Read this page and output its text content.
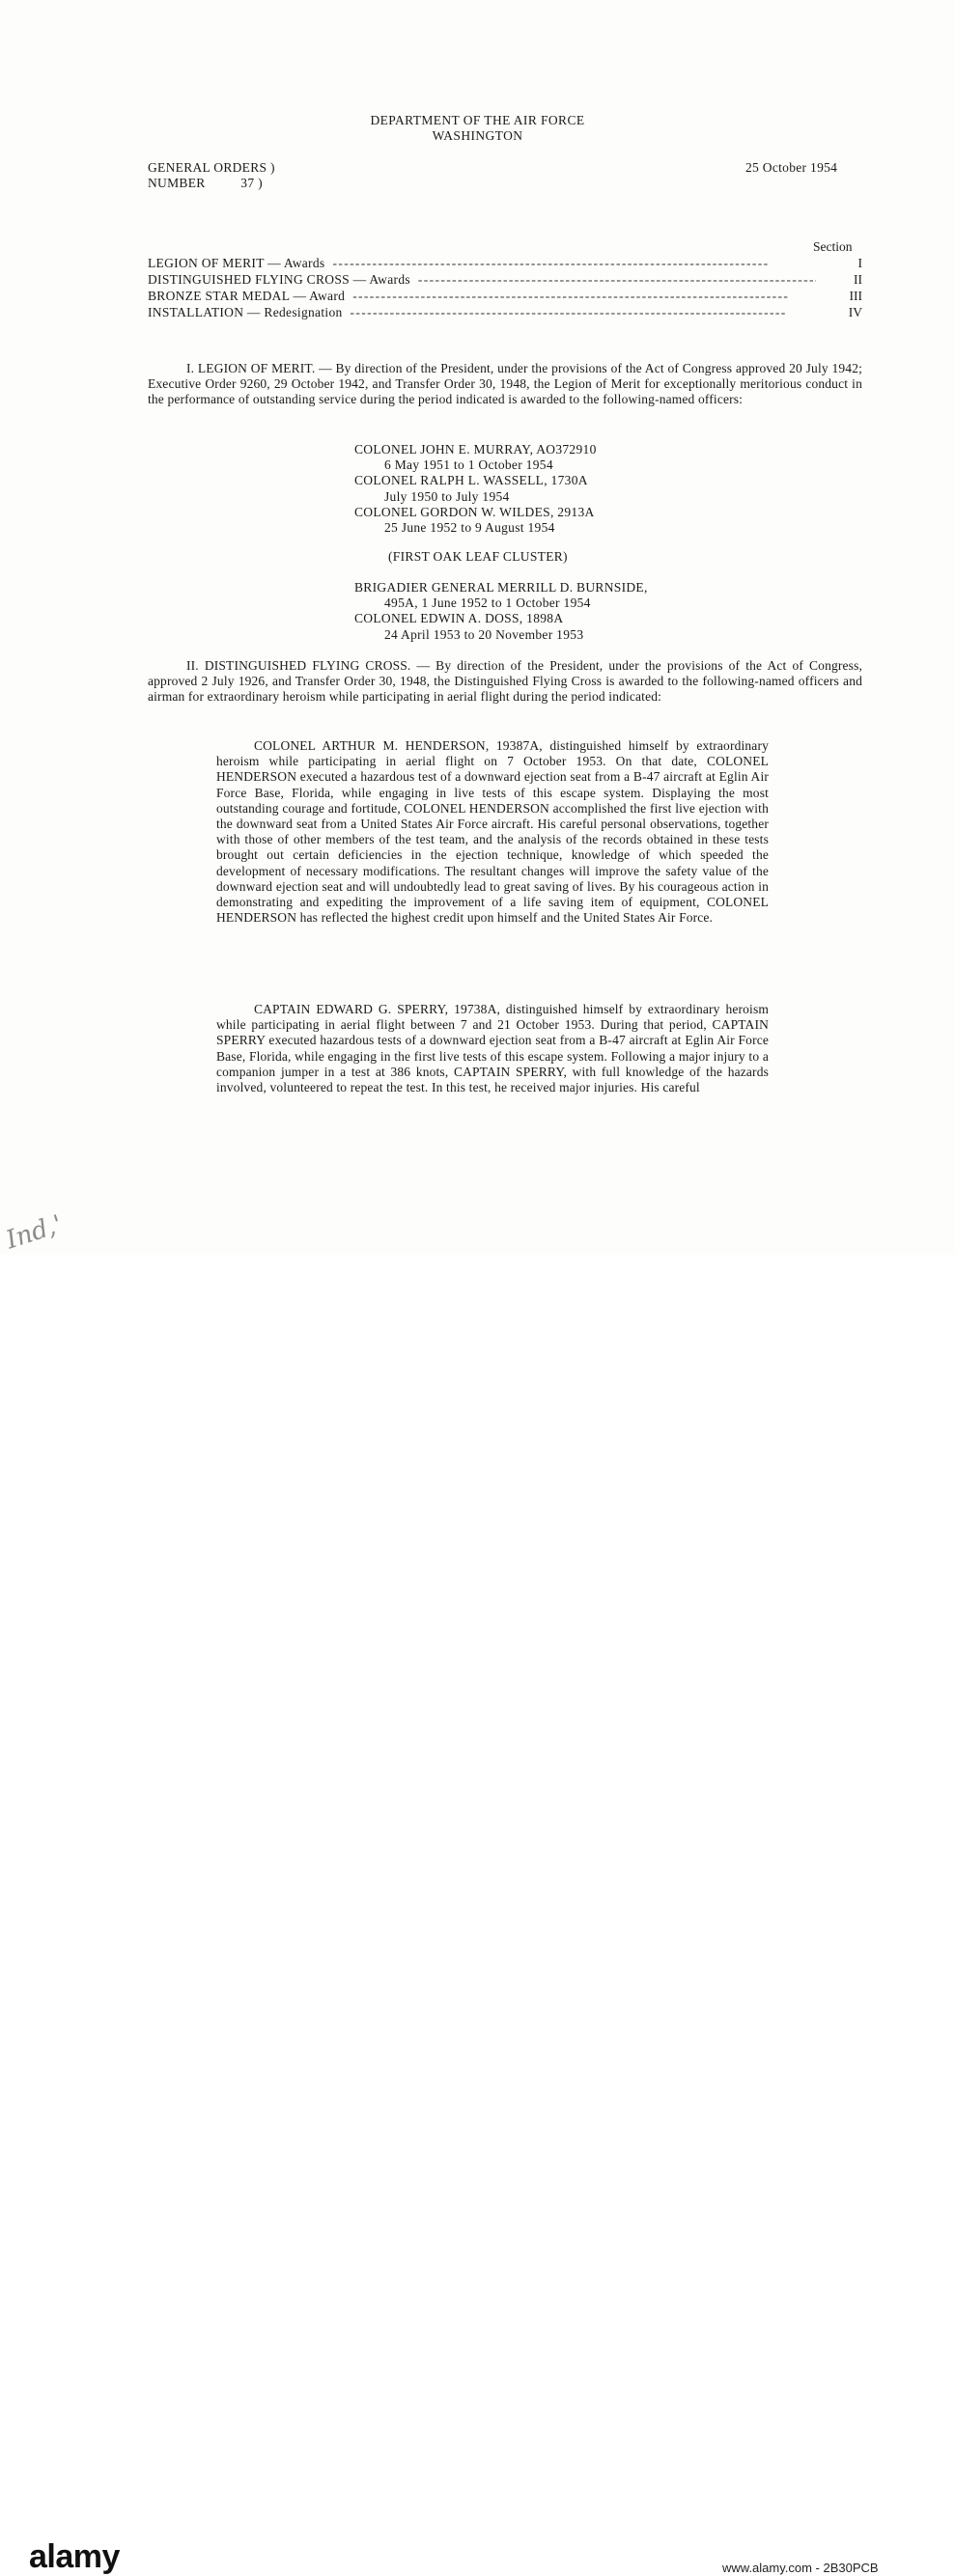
DEPARTMENT OF THE AIR FORCE
WASHINGTON
GENERAL ORDERS )
NUMBER          37 )
25 October 1954
Section
LEGION OF MERIT — Awards - - -	I
DISTINGUISHED FLYING CROSS — Awards - - -	II
BRONZE STAR MEDAL — Award - - -	III
INSTALLATION — Redesignation - - -	IV
I. LEGION OF MERIT. — By direction of the President, under the provisions of the Act of Congress approved 20 July 1942; Executive Order 9260, 29 October 1942, and Transfer Order 30, 1948, the Legion of Merit for exceptionally meritorious conduct in the performance of outstanding service during the period indicated is awarded to the following-named officers:
COLONEL JOHN E. MURRAY, AO372910
6 May 1951 to 1 October 1954
COLONEL RALPH L. WASSELL, 1730A
July 1950 to July 1954
COLONEL GORDON W. WILDES, 2913A
25 June 1952 to 9 August 1954
(FIRST OAK LEAF CLUSTER)
BRIGADIER GENERAL MERRILL D. BURNSIDE,
495A, 1 June 1952 to 1 October 1954
COLONEL EDWIN A. DOSS, 1898A
24 April 1953 to 20 November 1953
II. DISTINGUISHED FLYING CROSS. — By direction of the President, under the provisions of the Act of Congress, approved 2 July 1926, and Transfer Order 30, 1948, the Distinguished Flying Cross is awarded to the following-named officers and airman for extraordinary heroism while participating in aerial flight during the period indicated:
COLONEL ARTHUR M. HENDERSON, 19387A, distinguished himself by extraordinary heroism while participating in aerial flight on 7 October 1953. On that date, COLONEL HENDERSON executed a hazardous test of a downward ejection seat from a B-47 aircraft at Eglin Air Force Base, Florida, while engaging in live tests of this escape system. Displaying the most outstanding courage and fortitude, COLONEL HENDERSON accomplished the first live ejection with the downward seat from a United States Air Force aircraft. His careful personal observations, together with those of other members of the test team, and the analysis of the records obtained in these tests brought out certain deficiencies in the ejection technique, knowledge of which speeded the development of necessary modifications. The resultant changes will improve the safety value of the downward ejection seat and will undoubtedly lead to great saving of lives. By his courageous action in demonstrating and expediting the improvement of a life saving item of equipment, COLONEL HENDERSON has reflected the highest credit upon himself and the United States Air Force.
CAPTAIN EDWARD G. SPERRY, 19738A, distinguished himself by extraordinary heroism while participating in aerial flight between 7 and 21 October 1953. During that period, CAPTAIN SPERRY executed hazardous tests of a downward ejection seat from a B-47 aircraft at Eglin Air Force Base, Florida, while engaging in the first live tests of this escape system. Following a major injury to a companion jumper in a test at 386 knots, CAPTAIN SPERRY, with full knowledge of the hazards involved, volunteered to repeat the test. In this test, he received major injuries. His careful
Ind,'
alamy	www.alamy.com - 2B30PCB
